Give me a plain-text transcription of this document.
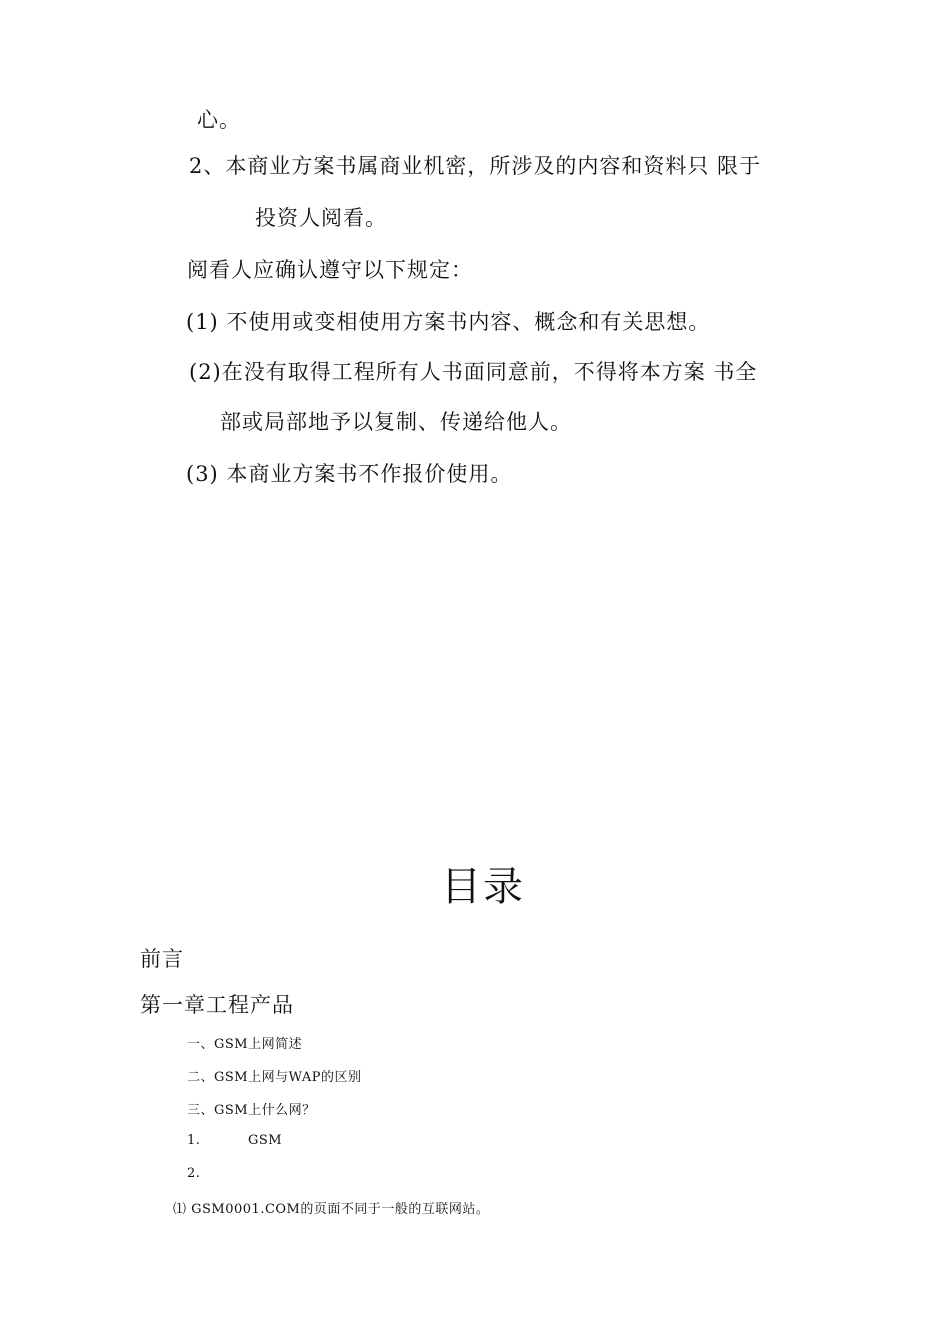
心。
2、本商业方案书属商业机密，所涉及的内容和资料只 限于
投资人阅看。
阅看人应确认遵守以下规定：
(1) 不使用或变相使用方案书内容、概念和有关思想。
(2)在没有取得工程所有人书面同意前，不得将本方案 书全
部或局部地予以复制、传递给他人。
(3) 本商业方案书不作报价使用。
目录
前言
第一章工程产品
一、GSM上网简述
二、GSM上网与WAP的区别
三、GSM上什么网？
1.	GSM
2.
⑴ GSM0001.COM的页面不同于一般的互联网站。
